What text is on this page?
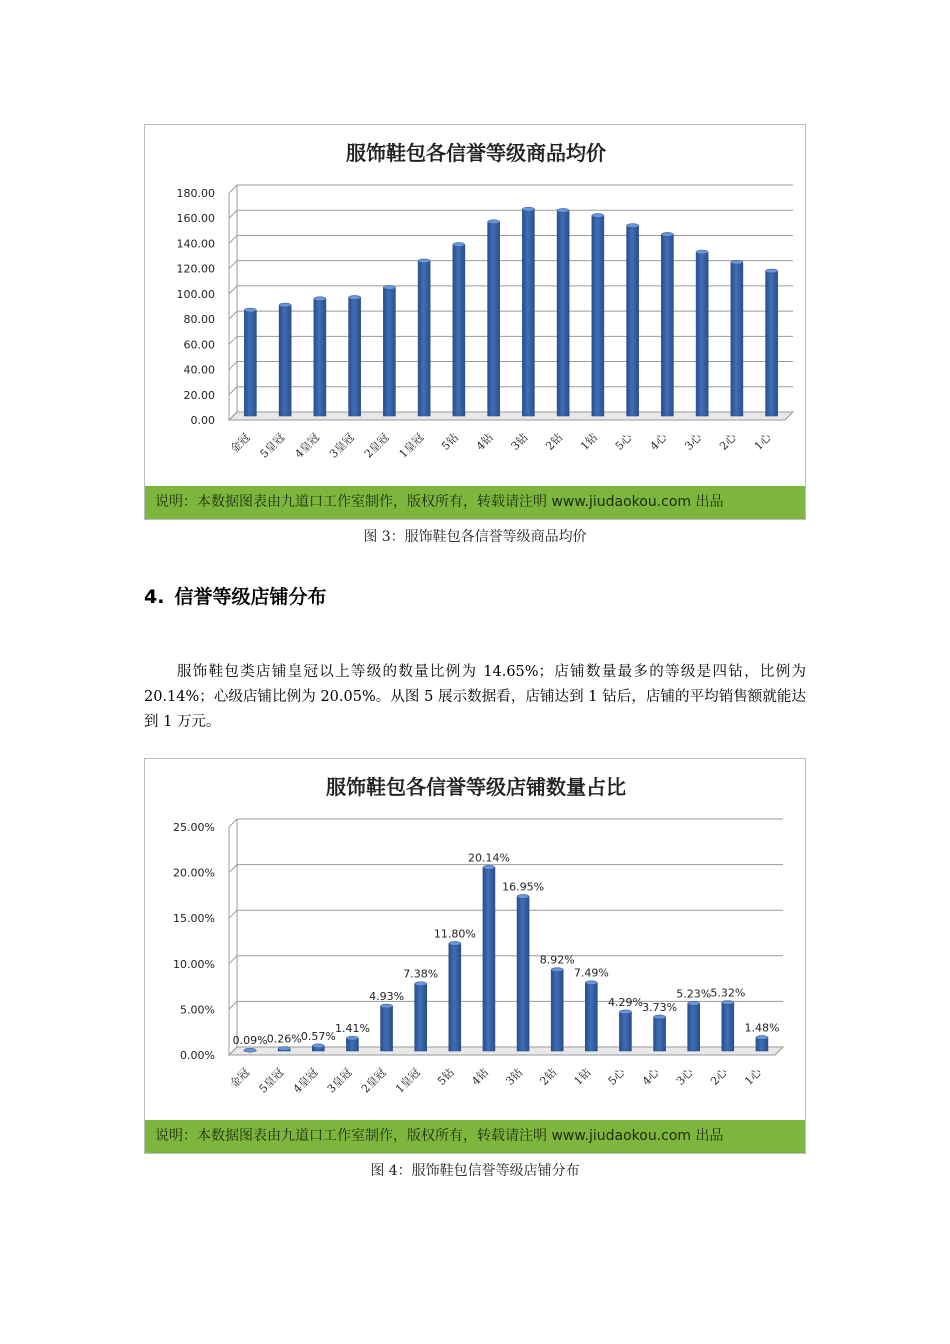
服饰鞋包各信誉等级商品均价
0.00
20.00
40.00
60.00
80.00
100.00
120.00
140.00
160.00
180.00
金冠 5皇冠 4皇冠 3皇冠 2皇冠 1皇冠 5钻 4钻 3钻 2钻 1钻 5心 4心 3心 2心 1心
说明：本数据图表由九道口工作室制作，版权所有，转载请注明 www.jiudaokou.com 出品
图 3：服饰鞋包各信誉等级商品均价
4. 信誉等级店铺分布

服饰鞋包类店铺皇冠以上等级的数量比例为 14.65%；店铺数量最多的等级是四钻，比例为 20.14%；心级店铺比例为 20.05%。从图 5 展示数据看，店铺达到 1 钻后，店铺的平均销售额就能达到 1 万元。

服饰鞋包各信誉等级店铺数量占比
0.00%
5.00%
10.00%
15.00%
20.00%
25.00%
0.09%
金冠
0.26%
5皇冠
0.57%
4皇冠
1.41%
3皇冠
4.93%
2皇冠
7.38%
1皇冠
11.80%
5钻
20.14%
4钻
16.95%
3钻
8.92%
2钻
7.49%
1钻
4.29%
5心
3.73%
4心
5.23%
3心
5.32%
2心
1.48%
1心
说明：本数据图表由九道口工作室制作，版权所有，转载请注明 www.jiudaokou.com 出品
图 4：服饰鞋包信誉等级店铺分布
